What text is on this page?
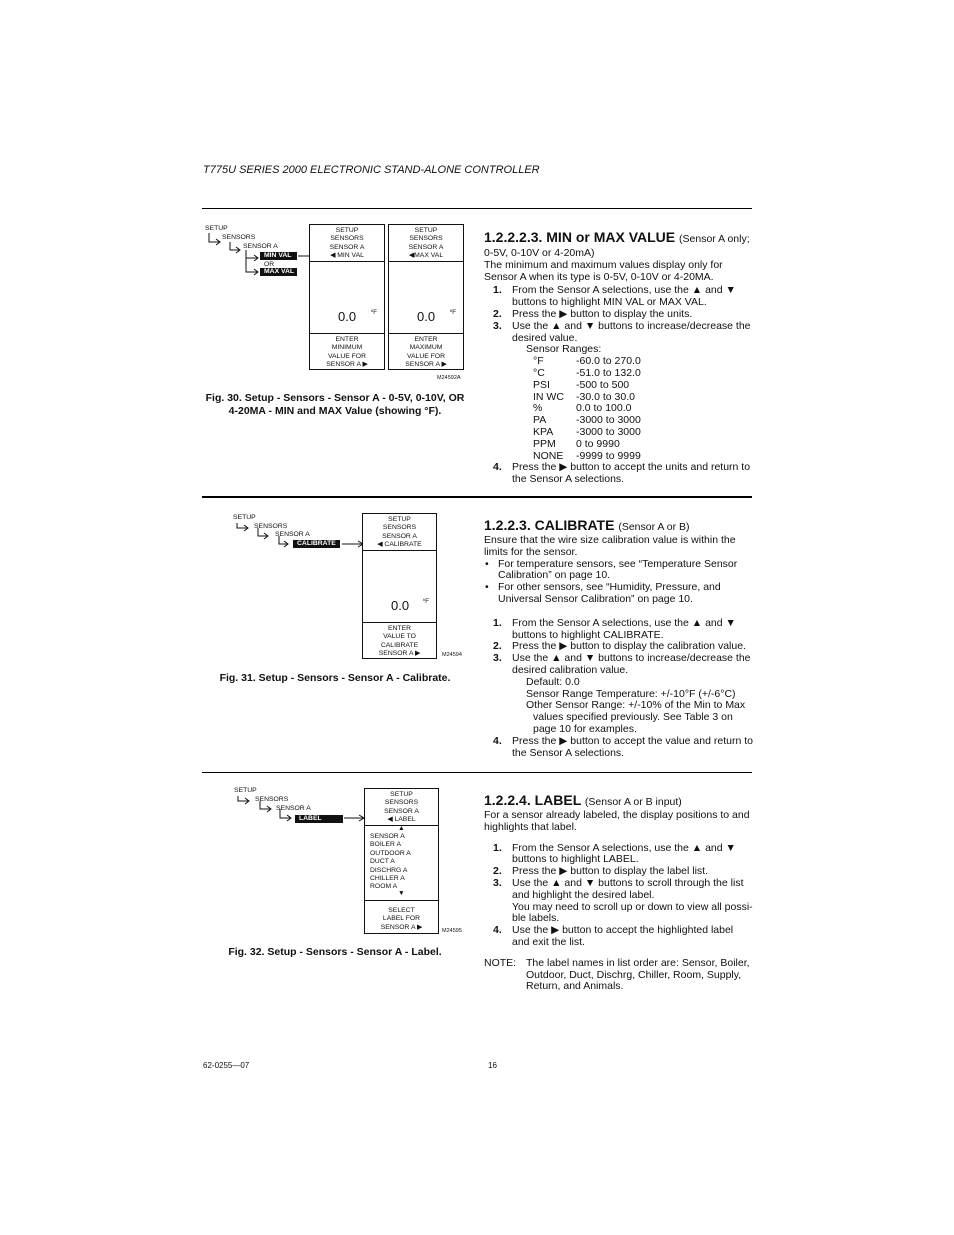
T775U SERIES 2000 ELECTRONIC STAND-ALONE CONTROLLER
SETUP
SENSORS
SENSOR A
MIN VAL
OR
MAX VAL
SETUP
SENSORS
SENSOR A
◀ MIN VAL
0.0 ºF
ENTER
MINIMUM
VALUE FOR
SENSOR A ▶
SETUP
SENSORS
SENSOR A
◀MAX VAL
0.0 ºF
ENTER
MAXIMUM
VALUE FOR
SENSOR A ▶
M24592A
Fig. 30. Setup - Sensors - Sensor A - 0-5V, 0-10V, OR
4-20MA - MIN and MAX Value (showing °F).
1.2.2.2.3. MIN or MAX VALUE (Sensor A only;
0-5V, 0-10V or 4-20mA)
The minimum and maximum values display only for
Sensor A when its type is 0-5V, 0-10V or 4-20MA.
1. From the Sensor A selections, use the ▲ and ▼
buttons to highlight MIN VAL or MAX VAL.
2. Press the ▶ button to display the units.
3. Use the ▲ and ▼ buttons to increase/decrease the
desired value.
Sensor Ranges:
°F	-60.0 to 270.0
°C	-51.0 to 132.0
PSI -500 to 500
IN WC -30.0 to 30.0
%	0.0 to 100.0
PA	-3000 to 3000
KPA -3000 to 3000
PPM 0 to 9990
NONE -9999 to 9999
4. Press the ▶ button to accept the units and return to
the Sensor A selections.
SETUP
SENSORS
SENSOR A
CALIBRATE
SETUP
SENSORS
SENSOR A
◀ CALIBRATE
0.0 ºF
ENTER
VALUE TO
CALIBRATE
SENSOR A ▶	M24594
Fig. 31. Setup - Sensors - Sensor A - Calibrate.
1.2.2.3. CALIBRATE (Sensor A or B)
Ensure that the wire size calibration value is within the
limits for the sensor.
• For temperature sensors, see “Temperature Sensor
Calibration” on page 10.
• For other sensors, see “Humidity, Pressure, and
Universal Sensor Calibration” on page 10.
1. From the Sensor A selections, use the ▲ and ▼
buttons to highlight CALIBRATE.
2. Press the ▶ button to display the calibration value.
3. Use the ▲ and ▼ buttons to increase/decrease the
desired calibration value.
Default: 0.0
Sensor Range Temperature: +/-10°F (+/-6°C)
Other Sensor Range: +/-10% of the Min to Max
values specified previously. See Table 3 on
page 10 for examples.
4. Press the ▶ button to accept the value and return to
the Sensor A selections.
SETUP
SENSORS
SENSOR A
LABEL
SETUP
SENSORS
SENSOR A
◀ LABEL
▲
SENSOR A
BOILER A
OUTDOOR A
DUCT A
DISCHRG A
CHILLER A
ROOM A
▼
SELECT
LABEL FOR
SENSOR A ▶
M24595
Fig. 32. Setup - Sensors - Sensor A - Label.
1.2.2.4. LABEL (Sensor A or B input)
For a sensor already labeled, the display positions to and
highlights that label.
1. From the Sensor A selections, use the ▲ and ▼
buttons to highlight LABEL.
2. Press the ▶ button to display the label list.
3. Use the ▲ and ▼ buttons to scroll through the list
and highlight the desired label.
You may need to scroll up or down to view all possi-
ble labels.
4. Use the ▶ button to accept the highlighted label
and exit the list.
NOTE: The label names in list order are: Sensor, Boiler,
Outdoor, Duct, Dischrg, Chiller, Room, Supply,
Return, and Animals.
62-0255—07	16
